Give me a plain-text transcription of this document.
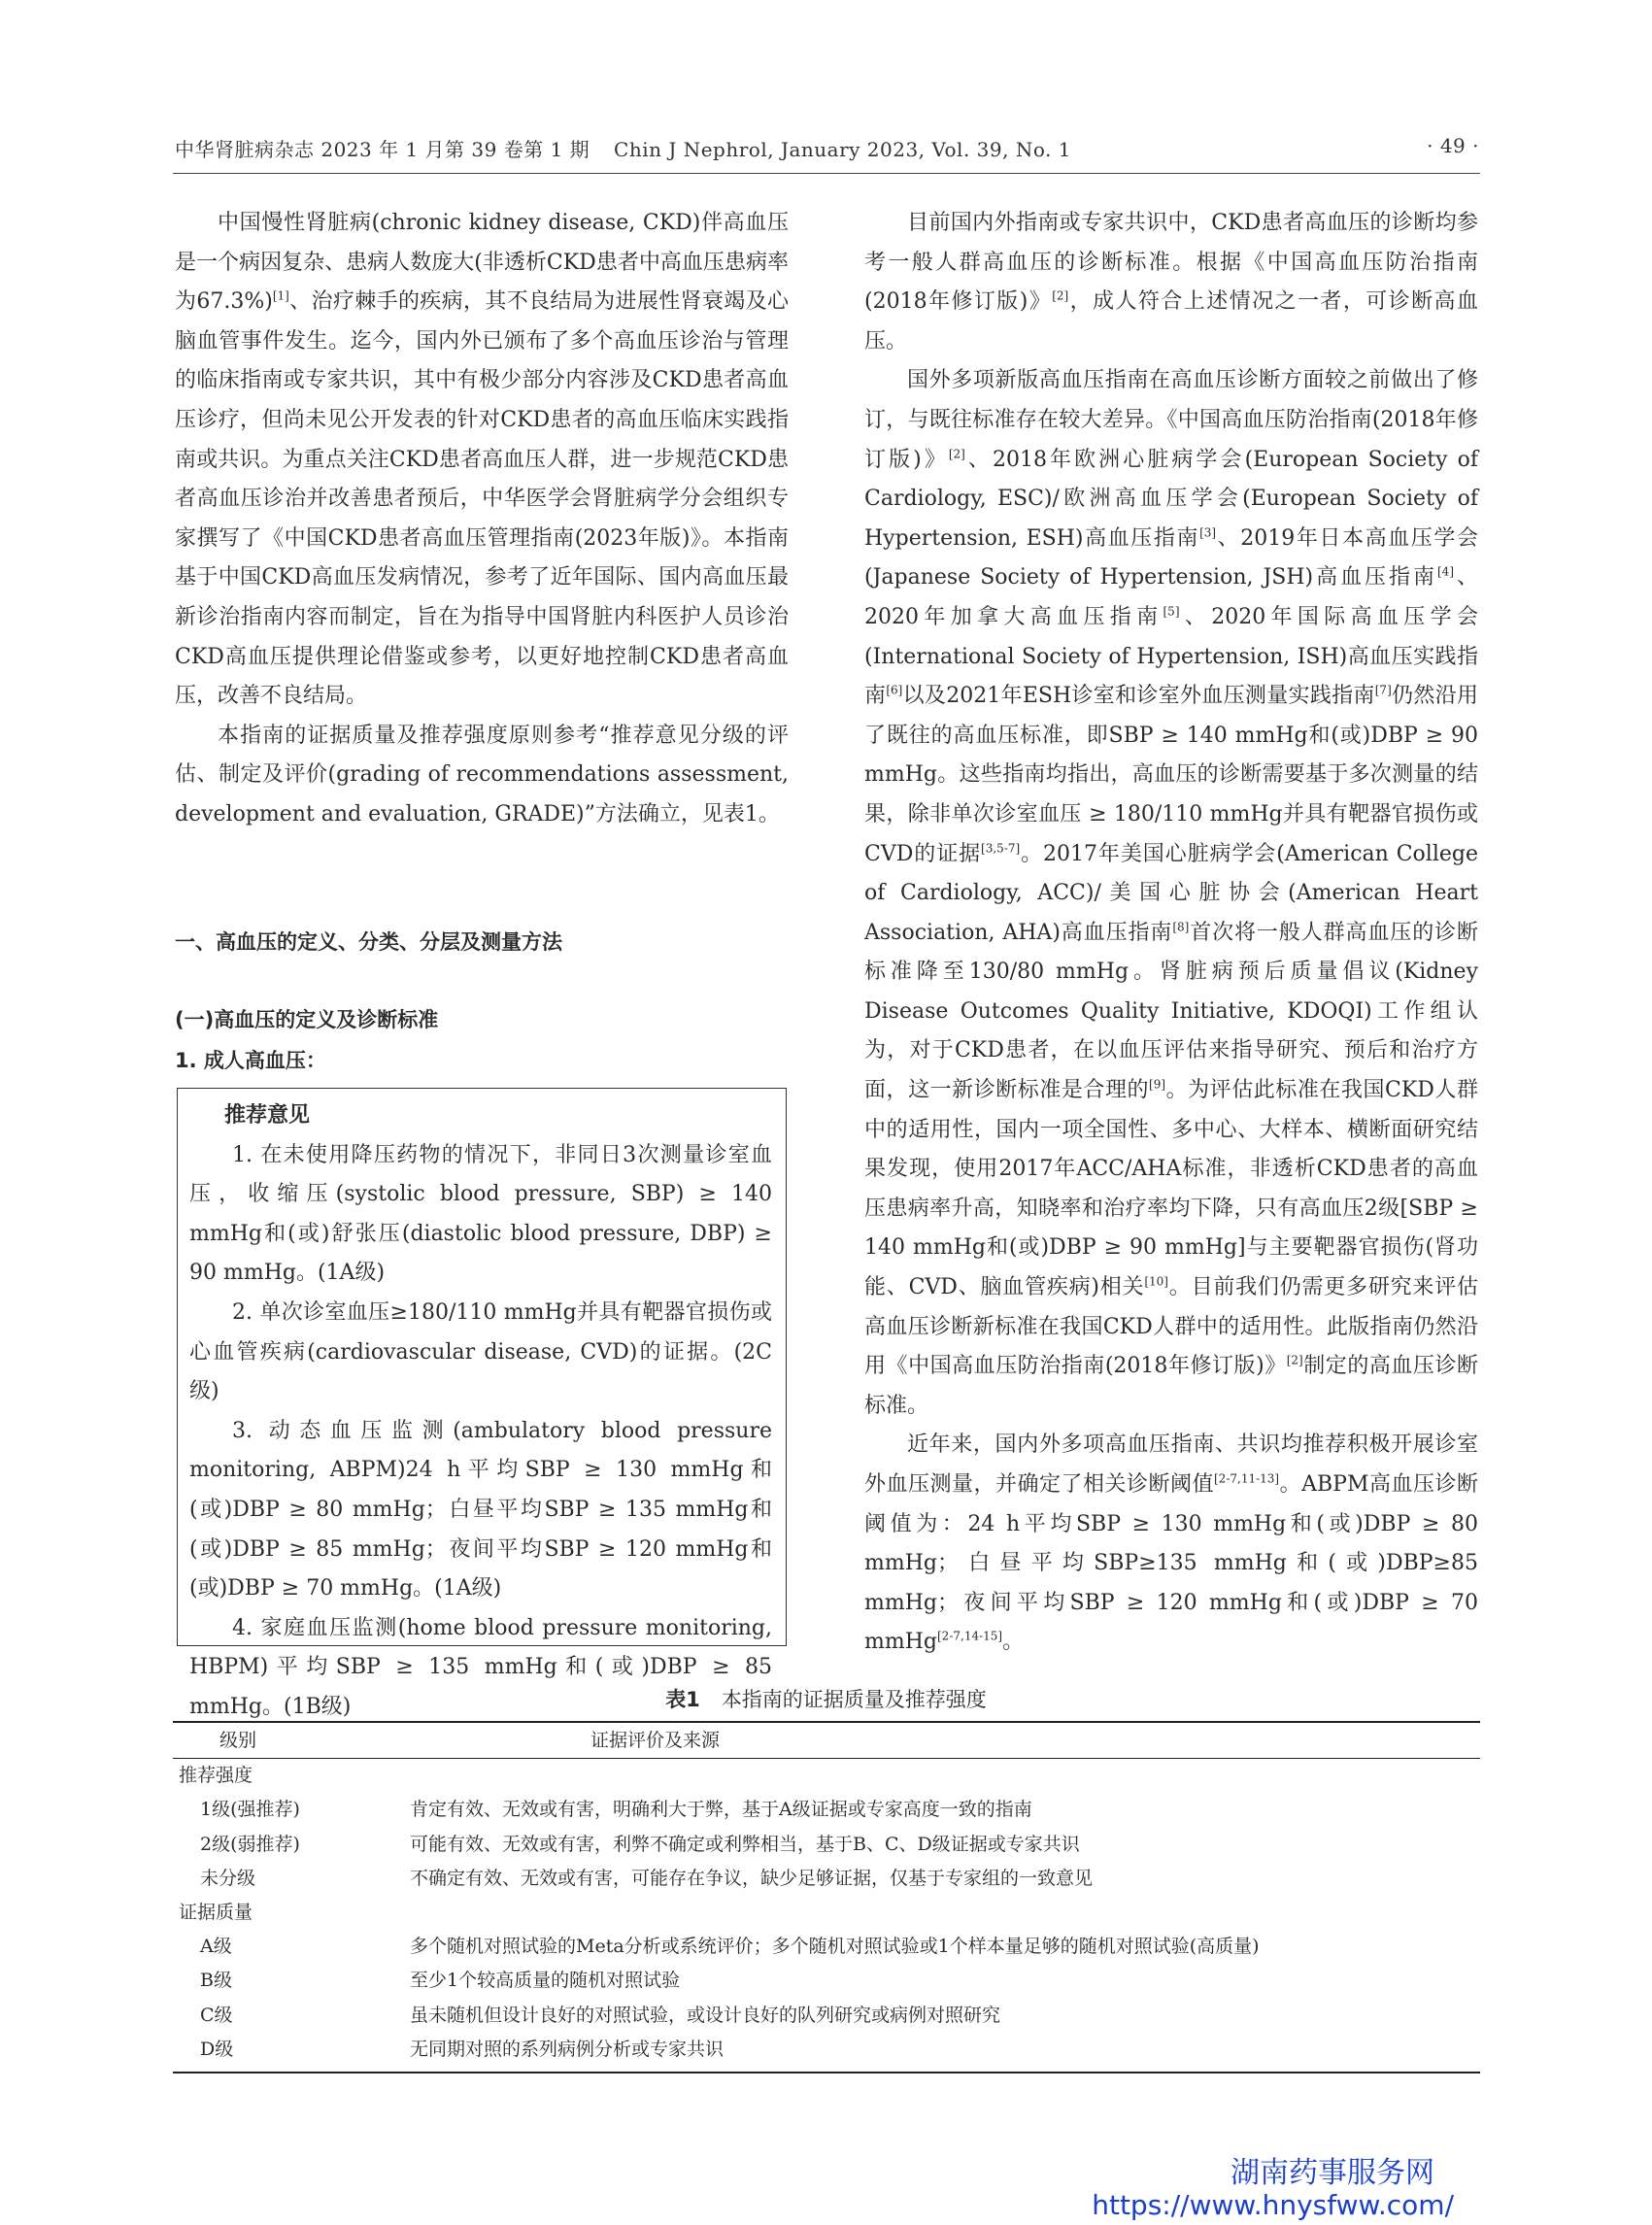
中华肾脏病杂志 2023 年 1 月第 39 卷第 1 期 Chin J Nephrol, January 2023, Vol. 39, No. 1	· 49 ·

中国慢性肾脏病(chronic kidney disease, CKD)伴高血压是一个病因复杂、患病人数庞大(非透析CKD患者中高血压患病率为67.3%)[1]、治疗棘手的疾病，其不良结局为进展性肾衰竭及心脑血管事件发生。迄今，国内外已颁布了多个高血压诊治与管理的临床指南或专家共识，其中有极少部分内容涉及CKD患者高血压诊疗，但尚未见公开发表的针对CKD患者的高血压临床实践指南或共识。为重点关注CKD患者高血压人群，进一步规范CKD患者高血压诊治并改善患者预后，中华医学会肾脏病学分会组织专家撰写了《中国CKD患者高血压管理指南(2023年版)》。本指南基于中国CKD高血压发病情况，参考了近年国际、国内高血压最新诊治指南内容而制定，旨在为指导中国肾脏内科医护人员诊治CKD高血压提供理论借鉴或参考，以更好地控制CKD患者高血压，改善不良结局。

本指南的证据质量及推荐强度原则参考“推荐意见分级的评估、制定及评价(grading of recommendations assessment, development and evaluation, GRADE)”方法确立，见表1。

一、高血压的定义、分类、分层及测量方法
(一)高血压的定义及诊断标准
1. 成人高血压：
推荐意见

1. 在未使用降压药物的情况下，非同日3次测量诊室血压，收缩压(systolic blood pressure, SBP) ≥ 140 mmHg和(或)舒张压(diastolic blood pressure, DBP) ≥ 90 mmHg。(1A级)

2. 单次诊室血压≥180/110 mmHg并具有靶器官损伤或心血管疾病(cardiovascular disease, CVD)的证据。(2C级)

3. 动态血压监测(ambulatory blood pressure monitoring, ABPM)24 h平均SBP ≥ 130 mmHg和(或)DBP ≥ 80 mmHg；白昼平均SBP ≥ 135 mmHg和(或)DBP ≥ 85 mmHg；夜间平均SBP ≥ 120 mmHg和(或)DBP ≥ 70 mmHg。(1A级)

4. 家庭血压监测(home blood pressure monitoring, HBPM)平均SBP ≥ 135 mmHg和(或)DBP ≥ 85 mmHg。(1B级)

目前国内外指南或专家共识中，CKD患者高血压的诊断均参考一般人群高血压的诊断标准。根据《中国高血压防治指南(2018年修订版)》[2]，成人符合上述情况之一者，可诊断高血压。

国外多项新版高血压指南在高血压诊断方面较之前做出了修订，与既往标准存在较大差异。《中国高血压防治指南(2018年修订版)》[2]、2018年欧洲心脏病学会(European Society of Cardiology, ESC)/欧洲高血压学会(European Society of Hypertension, ESH)高血压指南[3]、2019年日本高血压学会(Japanese Society of Hypertension, JSH)高血压指南[4]、2020年加拿大高血压指南[5]、2020年国际高血压学会(International Society of Hypertension, ISH)高血压实践指南[6]以及2021年ESH诊室和诊室外血压测量实践指南[7]仍然沿用了既往的高血压标准，即SBP ≥ 140 mmHg和(或)DBP ≥ 90 mmHg。这些指南均指出，高血压的诊断需要基于多次测量的结果，除非单次诊室血压 ≥ 180/110 mmHg并具有靶器官损伤或CVD的证据[3,5-7]。2017年美国心脏病学会(American College of Cardiology, ACC)/美国心脏协会(American Heart Association, AHA)高血压指南[8]首次将一般人群高血压的诊断标准降至130/80 mmHg。肾脏病预后质量倡议(Kidney Disease Outcomes Quality Initiative, KDOQI)工作组认为，对于CKD患者，在以血压评估来指导研究、预后和治疗方面，这一新诊断标准是合理的[9]。为评估此标准在我国CKD人群中的适用性，国内一项全国性、多中心、大样本、横断面研究结果发现，使用2017年ACC/AHA标准，非透析CKD患者的高血压患病率升高，知晓率和治疗率均下降，只有高血压2级[SBP ≥ 140 mmHg和(或)DBP ≥ 90 mmHg]与主要靶器官损伤(肾功能、CVD、脑血管疾病)相关[10]。目前我们仍需更多研究来评估高血压诊断新标准在我国CKD人群中的适用性。此版指南仍然沿用《中国高血压防治指南(2018年修订版)》[2]制定的高血压诊断标准。

近年来，国内外多项高血压指南、共识均推荐积极开展诊室外血压测量，并确定了相关诊断阈值[2-7,11-13]。ABPM高血压诊断阈值为：24 h平均SBP ≥ 130 mmHg和(或)DBP ≥ 80 mmHg；白昼平均SBP≥135 mmHg和(或)DBP≥85 mmHg；夜间平均SBP ≥ 120 mmHg和(或)DBP ≥ 70 mmHg[2-7,14-15]。

表1 本指南的证据质量及推荐强度
级别	证据评价及来源
推荐强度
1级(强推荐)	肯定有效、无效或有害，明确利大于弊，基于A级证据或专家高度一致的指南
2级(弱推荐)	可能有效、无效或有害，利弊不确定或利弊相当，基于B、C、D级证据或专家共识
未分级	不确定有效、无效或有害，可能存在争议，缺少足够证据，仅基于专家组的一致意见
证据质量
A级	多个随机对照试验的Meta分析或系统评价；多个随机对照试验或1个样本量足够的随机对照试验(高质量)
B级	至少1个较高质量的随机对照试验
C级	虽未随机但设计良好的对照试验，或设计良好的队列研究或病例对照研究
D级	无同期对照的系列病例分析或专家共识
湖南药事服务网
https://www.hnysfww.com/
